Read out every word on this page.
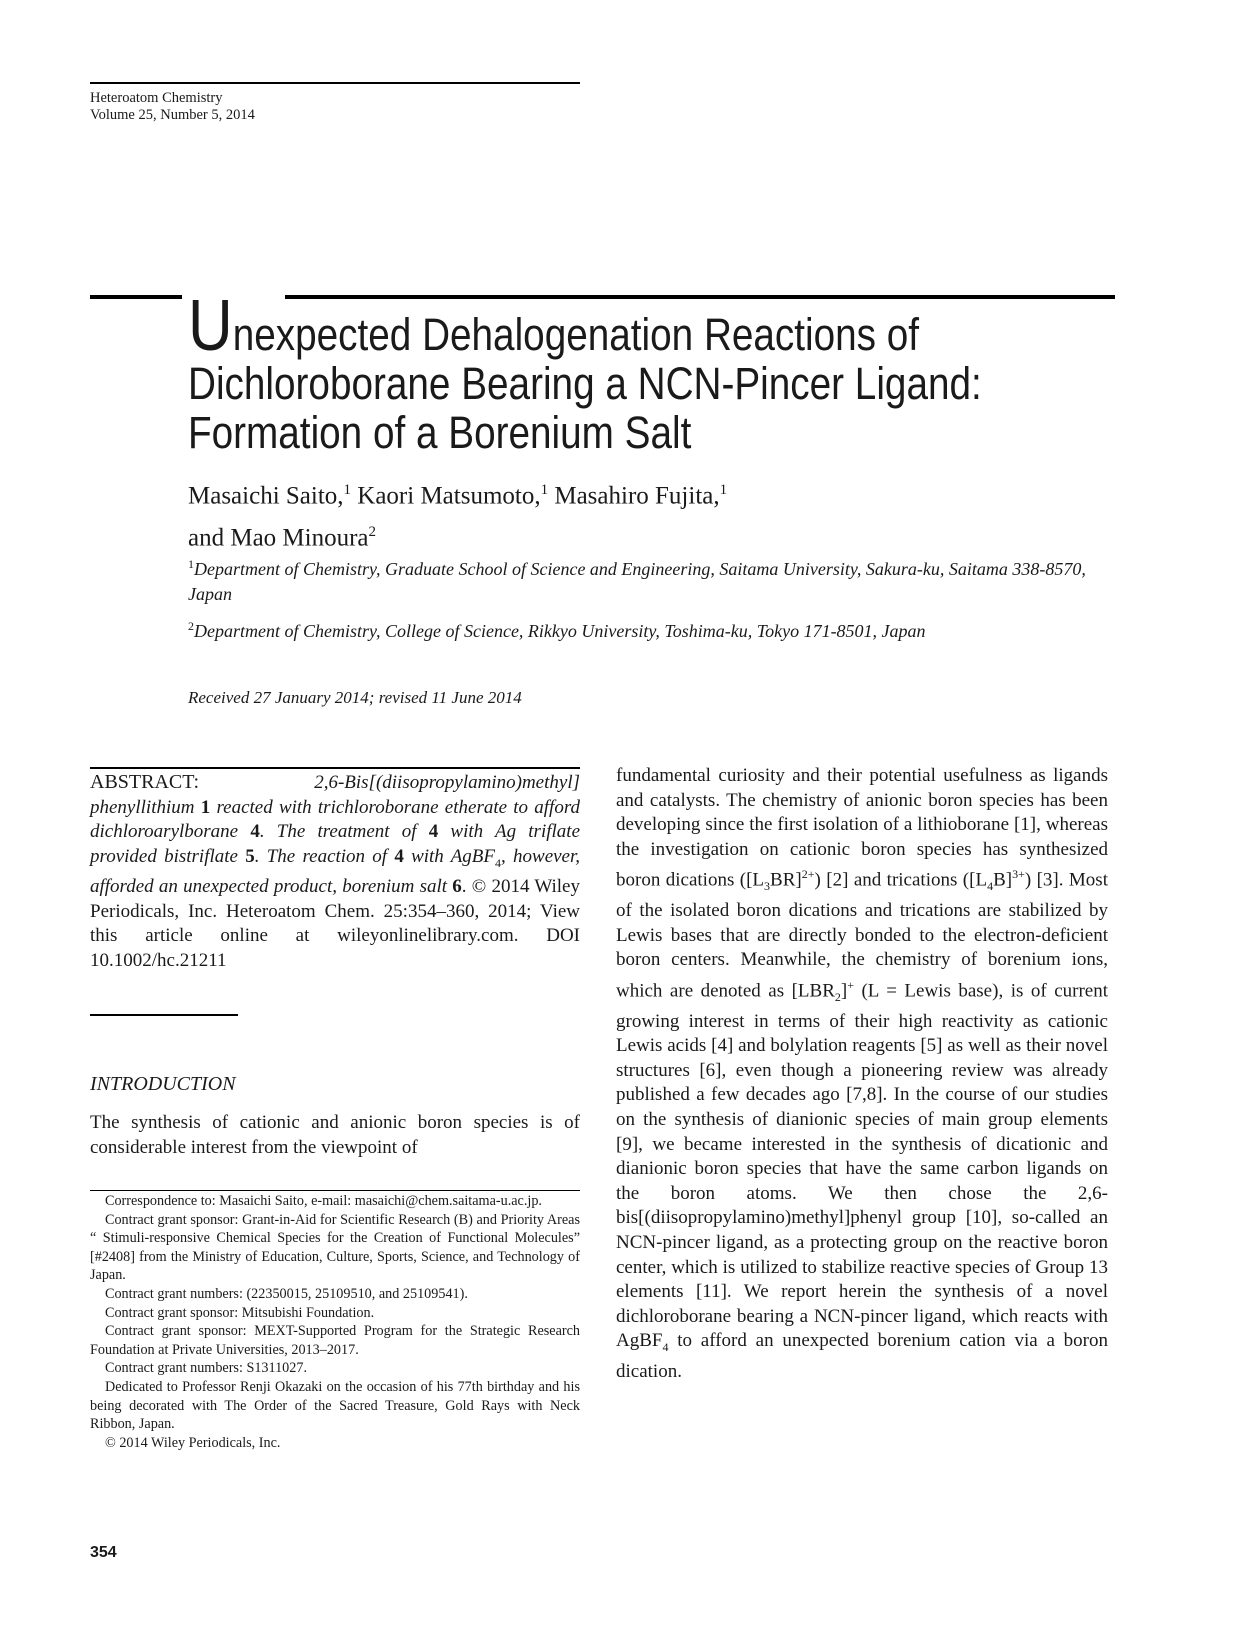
Heteroatom Chemistry
Volume 25, Number 5, 2014
Unexpected Dehalogenation Reactions of Dichloroborane Bearing a NCN-Pincer Ligand: Formation of a Borenium Salt
Masaichi Saito,$^1$ Kaori Matsumoto,$^1$ Masahiro Fujita,$^1$
and Mao Minoura$^2$
$^1$Department of Chemistry, Graduate School of Science and Engineering, Saitama University, Sakura-ku, Saitama 338-8570, Japan
$^2$Department of Chemistry, College of Science, Rikkyo University, Toshima-ku, Tokyo 171-8501, Japan
Received 27 January 2014; revised 11 June 2014
ABSTRACT:	2,6-Bis[(diisopropylamino)methyl] phenyllithium 1 reacted with trichloroborane etherate to afford dichloroarylborane 4. The treatment of 4 with Ag triflate provided bistriflate 5. The reaction of 4 with AgBF$_4$, however, afforded an unexpected product, borenium salt 6. © 2014 Wiley Periodicals, Inc. Heteroatom Chem. 25:354–360, 2014; View this article online at wileyonlinelibrary.com. DOI 10.1002/hc.21211
INTRODUCTION
The synthesis of cationic and anionic boron species is of considerable interest from the viewpoint of

Correspondence to: Masaichi Saito, e-mail: masaichi@chem.saitama-u.ac.jp.

Contract grant sponsor: Grant-in-Aid for Scientific Research (B) and Priority Areas “ Stimuli-responsive Chemical Species for the Creation of Functional Molecules” [#2408] from the Ministry of Education, Culture, Sports, Science, and Technology of Japan.

Contract grant numbers: (22350015, 25109510, and 25109541).

Contract grant sponsor: Mitsubishi Foundation.

Contract grant sponsor: MEXT-Supported Program for the Strategic Research Foundation at Private Universities, 2013–2017.

Contract grant numbers: S1311027.

Dedicated to Professor Renji Okazaki on the occasion of his 77th birthday and his being decorated with The Order of the Sacred Treasure, Gold Rays with Neck Ribbon, Japan.

© 2014 Wiley Periodicals, Inc.

354
fundamental curiosity and their potential usefulness as ligands and catalysts. The chemistry of anionic boron species has been developing since the first isolation of a lithioborane [1], whereas the investigation on cationic boron species has synthesized boron dications $([L_3BR]^{2+})$ [2] and trications $([L_4B]^{3+})$ [3]. Most of the isolated boron dications and trications are stabilized by Lewis bases that are directly bonded to the electron-deficient boron centers. Meanwhile, the chemistry of borenium ions, which are denoted as $[LBR_2]^+$ (L = Lewis base), is of current growing interest in terms of their high reactivity as cationic Lewis acids [4] and bolylation reagents [5] as well as their novel structures [6], even though a pioneering review was already published a few decades ago [7,8]. In the course of our studies on the synthesis of dianionic species of main group elements [9], we became interested in the synthesis of dicationic and dianionic boron species that have the same carbon ligands on the boron atoms. We then chose the 2,6-bis[(diisopropylamino)methyl]phenyl group [10], so-called an NCN-pincer ligand, as a protecting group on the reactive boron center, which is utilized to stabilize reactive species of Group 13 elements [11]. We report herein the synthesis of a novel dichloroborane bearing a NCN-pincer ligand, which reacts with AgBF$_4$ to afford an unexpected borenium cation via a boron dication.
